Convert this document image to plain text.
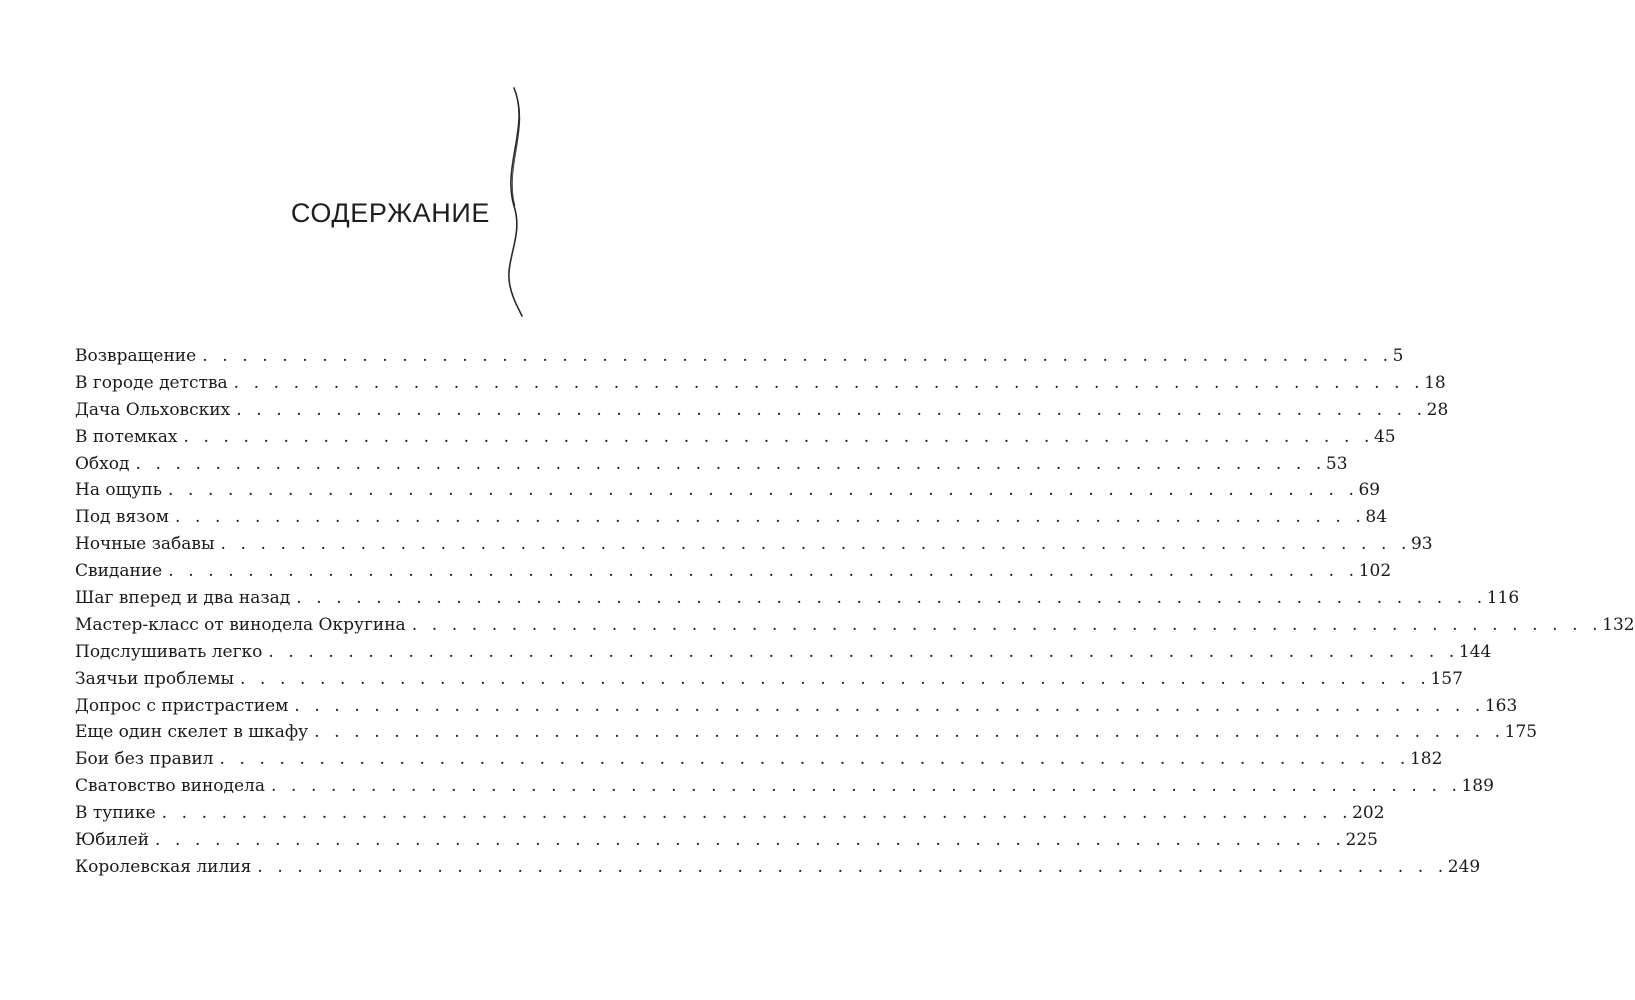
СОДЕРЖАНИЕ
Возвращение . . . . . . . . . . . . . . . . . . . . . . . . . . . . . . . . . . . . . . . . . . . . . . . . . . . . . . . . . . . . 5
В городе детства . . . . . . . . . . . . . . . . . . . . . . . . . . . . . . . . . . . . . . . . . . . . . . . . . . . . . . . . . . . . 18
Дача Ольховских . . . . . . . . . . . . . . . . . . . . . . . . . . . . . . . . . . . . . . . . . . . . . . . . . . . . . . . . . . . . 28
В потемках . . . . . . . . . . . . . . . . . . . . . . . . . . . . . . . . . . . . . . . . . . . . . . . . . . . . . . . . . . . . 45
Обход . . . . . . . . . . . . . . . . . . . . . . . . . . . . . . . . . . . . . . . . . . . . . . . . . . . . . . . . . . . . 53
На ощупь . . . . . . . . . . . . . . . . . . . . . . . . . . . . . . . . . . . . . . . . . . . . . . . . . . . . . . . . . . . . 69
Под вязом . . . . . . . . . . . . . . . . . . . . . . . . . . . . . . . . . . . . . . . . . . . . . . . . . . . . . . . . . . . . 84
Ночные забавы . . . . . . . . . . . . . . . . . . . . . . . . . . . . . . . . . . . . . . . . . . . . . . . . . . . . . . . . . . . . 93
Свидание . . . . . . . . . . . . . . . . . . . . . . . . . . . . . . . . . . . . . . . . . . . . . . . . . . . . . . . . . . . . 102
Шаг вперед и два назад . . . . . . . . . . . . . . . . . . . . . . . . . . . . . . . . . . . . . . . . . . . . . . . . . . . . . . . . . . . . 116
Мастер-класс от винодела Округина . . . . . . . . . . . . . . . . . . . . . . . . . . . . . . . . . . . . . . . . . . . . . . . . . . . . . . . . . . . . 132
Подслушивать легко . . . . . . . . . . . . . . . . . . . . . . . . . . . . . . . . . . . . . . . . . . . . . . . . . . . . . . . . . . . . 144
Заячьи проблемы . . . . . . . . . . . . . . . . . . . . . . . . . . . . . . . . . . . . . . . . . . . . . . . . . . . . . . . . . . . . 157
Допрос с пристрастием . . . . . . . . . . . . . . . . . . . . . . . . . . . . . . . . . . . . . . . . . . . . . . . . . . . . . . . . . . . . 163
Еще один скелет в шкафу . . . . . . . . . . . . . . . . . . . . . . . . . . . . . . . . . . . . . . . . . . . . . . . . . . . . . . . . . . . . 175
Бои без правил . . . . . . . . . . . . . . . . . . . . . . . . . . . . . . . . . . . . . . . . . . . . . . . . . . . . . . . . . . . . 182
Сватовство винодела . . . . . . . . . . . . . . . . . . . . . . . . . . . . . . . . . . . . . . . . . . . . . . . . . . . . . . . . . . . . 189
В тупике . . . . . . . . . . . . . . . . . . . . . . . . . . . . . . . . . . . . . . . . . . . . . . . . . . . . . . . . . . . . 202
Юбилей . . . . . . . . . . . . . . . . . . . . . . . . . . . . . . . . . . . . . . . . . . . . . . . . . . . . . . . . . . . . 225
Королевская лилия . . . . . . . . . . . . . . . . . . . . . . . . . . . . . . . . . . . . . . . . . . . . . . . . . . . . . . . . . . . . 249
